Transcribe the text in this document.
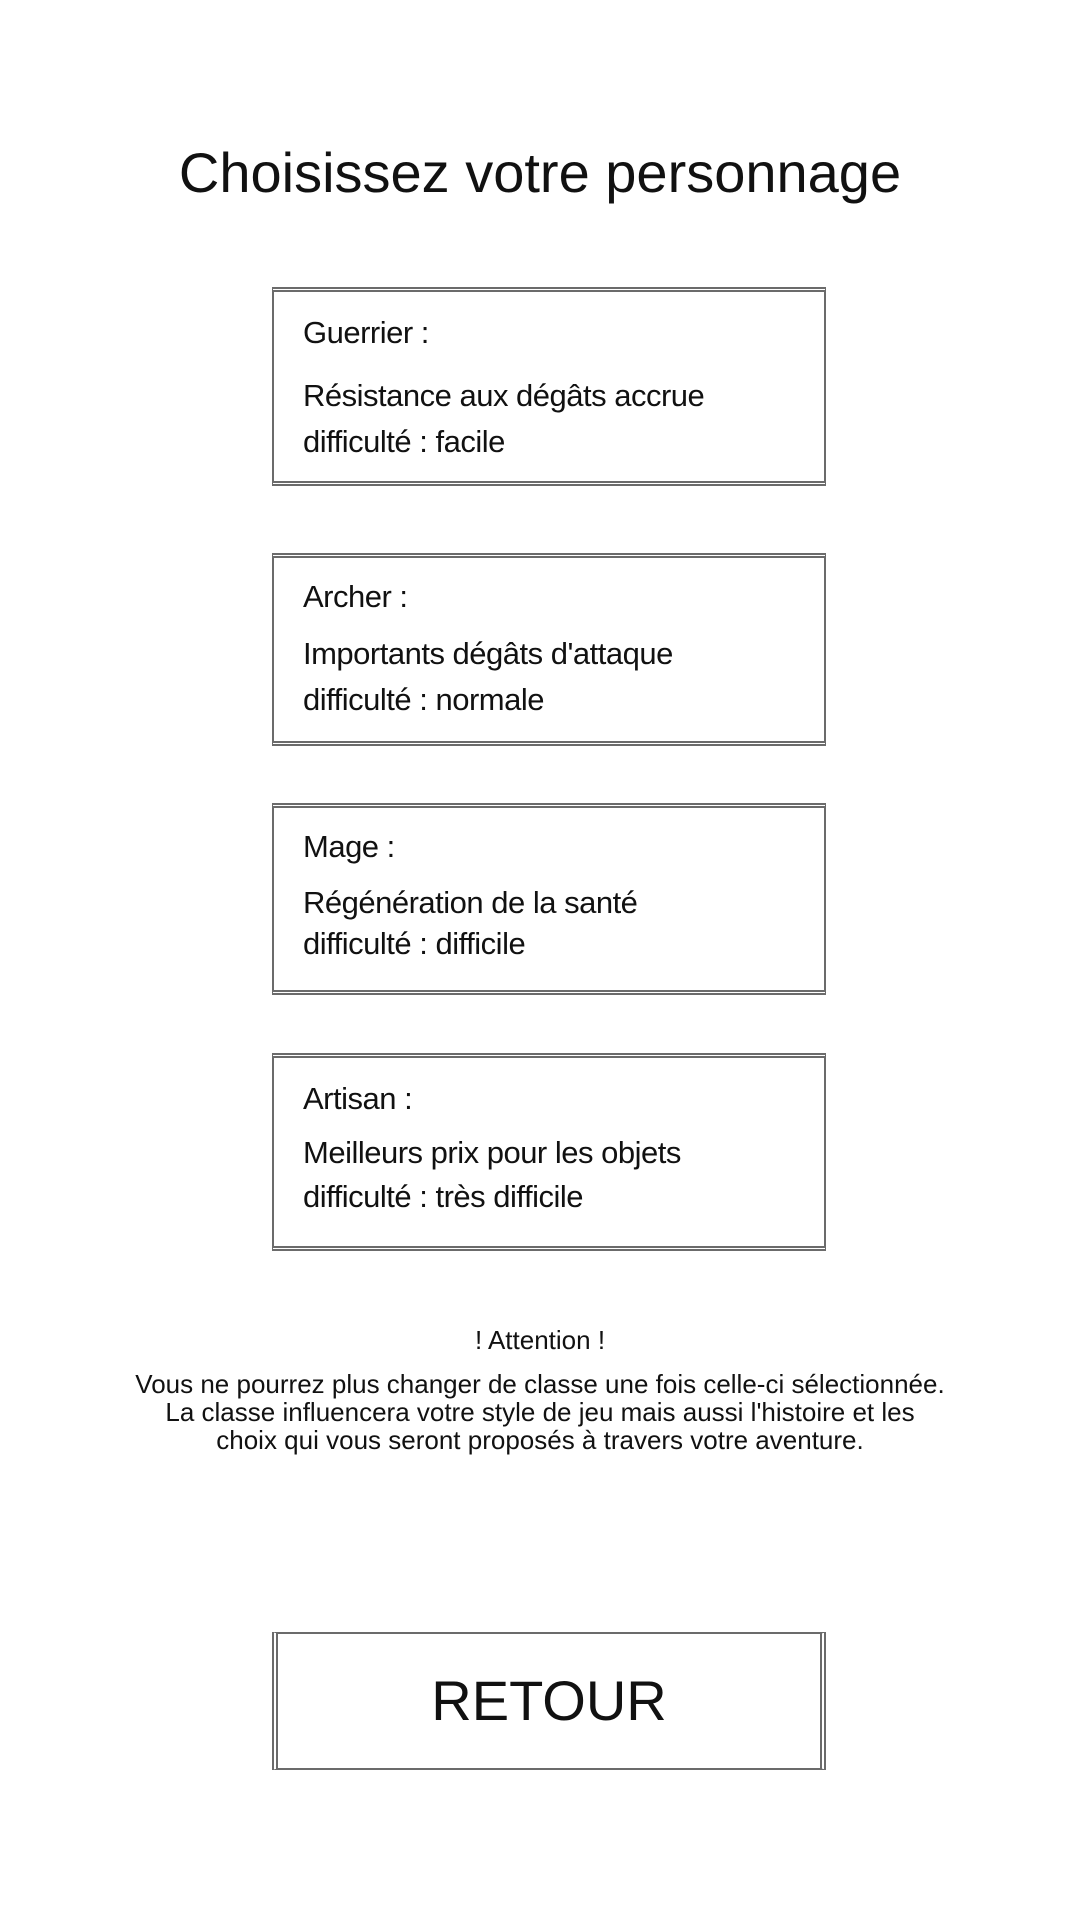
Choisissez votre personnage
Guerrier :
Résistance aux dégâts accrue
difficulté : facile
Archer :
Importants dégâts d'attaque
difficulté : normale
Mage :
Régénération de la santé
difficulté : difficile
Artisan :
Meilleurs prix pour les objets
difficulté : très difficile
! Attention !
Vous ne pourrez plus changer de classe une fois celle-ci sélectionnée.
La classe influencera votre style de jeu mais aussi l'histoire et les
choix qui vous seront proposés à travers votre aventure.
RETOUR
